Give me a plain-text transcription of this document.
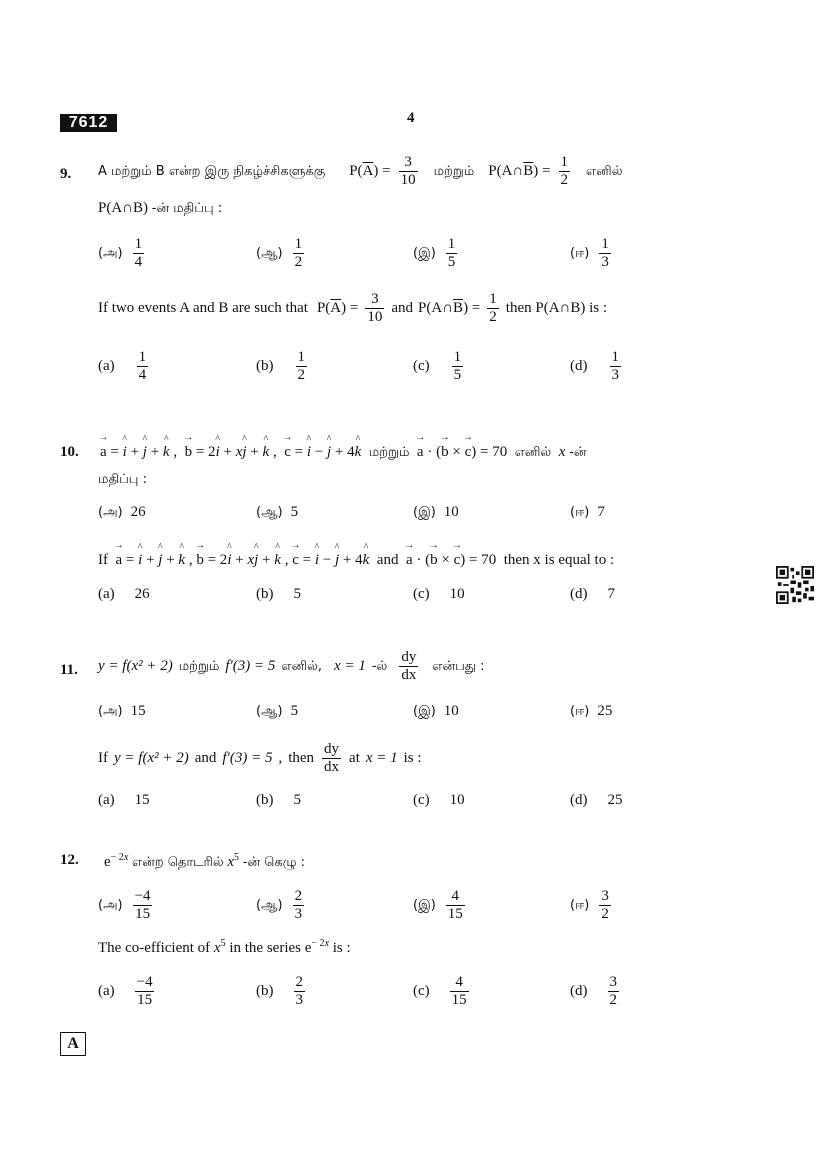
7612	4
9. A மற்றும் B என்ற இரு நிகழ்ச்சிகளுக்கு $P(\overline{A}) = \frac{3}{10}$ மற்றும் $P(A\cap\overline{B}) = \frac{1}{2}$ எனில்
P(A∩B) -ன் மதிப்பு :
(அ) $\frac{1}{4}$	(ஆ) $\frac{1}{2}$	(இ) $\frac{1}{5}$	(ஈ) $\frac{1}{3}$
If two events A and B are such that $P(\overline{A}) = \frac{3}{10}$ and $P(A\cap\overline{B}) = \frac{1}{2}$ then P(A∩B) is :
$(a) \frac{1}{4}$	$(b) \frac{1}{2}$	$(c) \frac{1}{5}$	$(d) \frac{1}{3}$
10. → a = ^ i + ^ j + ^ k ,  → b = 2^ i + x^ j + ^ k ,  → c = ^ i − ^ j + 4^ k மற்றும் → a · (→ b × → c) = 70  எனில் x -ன்
மதிப்பு :
(அ) 26	(ஆ) 5	(இ) 10	(ஈ) 7
If → a = ^ i + ^ j + ^ k , → b = 2^ i + x^ j + ^ k , → c = ^ i − ^ j + 4^ k and → a · (→ b × → c) = 70  then x is equal to :
(a) 26	(b) 5	(c) 10	(d) 7
11. y = f(x² + 2) மற்றும் f′(3) = 5 எனில், x = 1 -ல் $\frac{dy}{dx}$ என்பது :
(அ) 15	(ஆ) 5	(இ) 10	(ஈ) 25
If y = f(x² + 2) and f′(3) = 5 , then $\frac{dy}{dx}$ at x = 1 is :
(a) 15	(b) 5	(c) 10	(d) 25
12. $e^{- 2x}$ என்ற தொடரில் $x^5$ -ன் கெழு :
(அ) $\frac{-4}{15}$	(ஆ) $\frac{2}{3}$	(இ) $\frac{4}{15}$	(ஈ) $\frac{3}{2}$
The co-efficient of $x^5$ in the series $e^{- 2x}$ is :
$(a) \frac{-4}{15}$	$(b) \frac{2}{3}$	$(c) \frac{4}{15}$	$(d) \frac{3}{2}$
A
